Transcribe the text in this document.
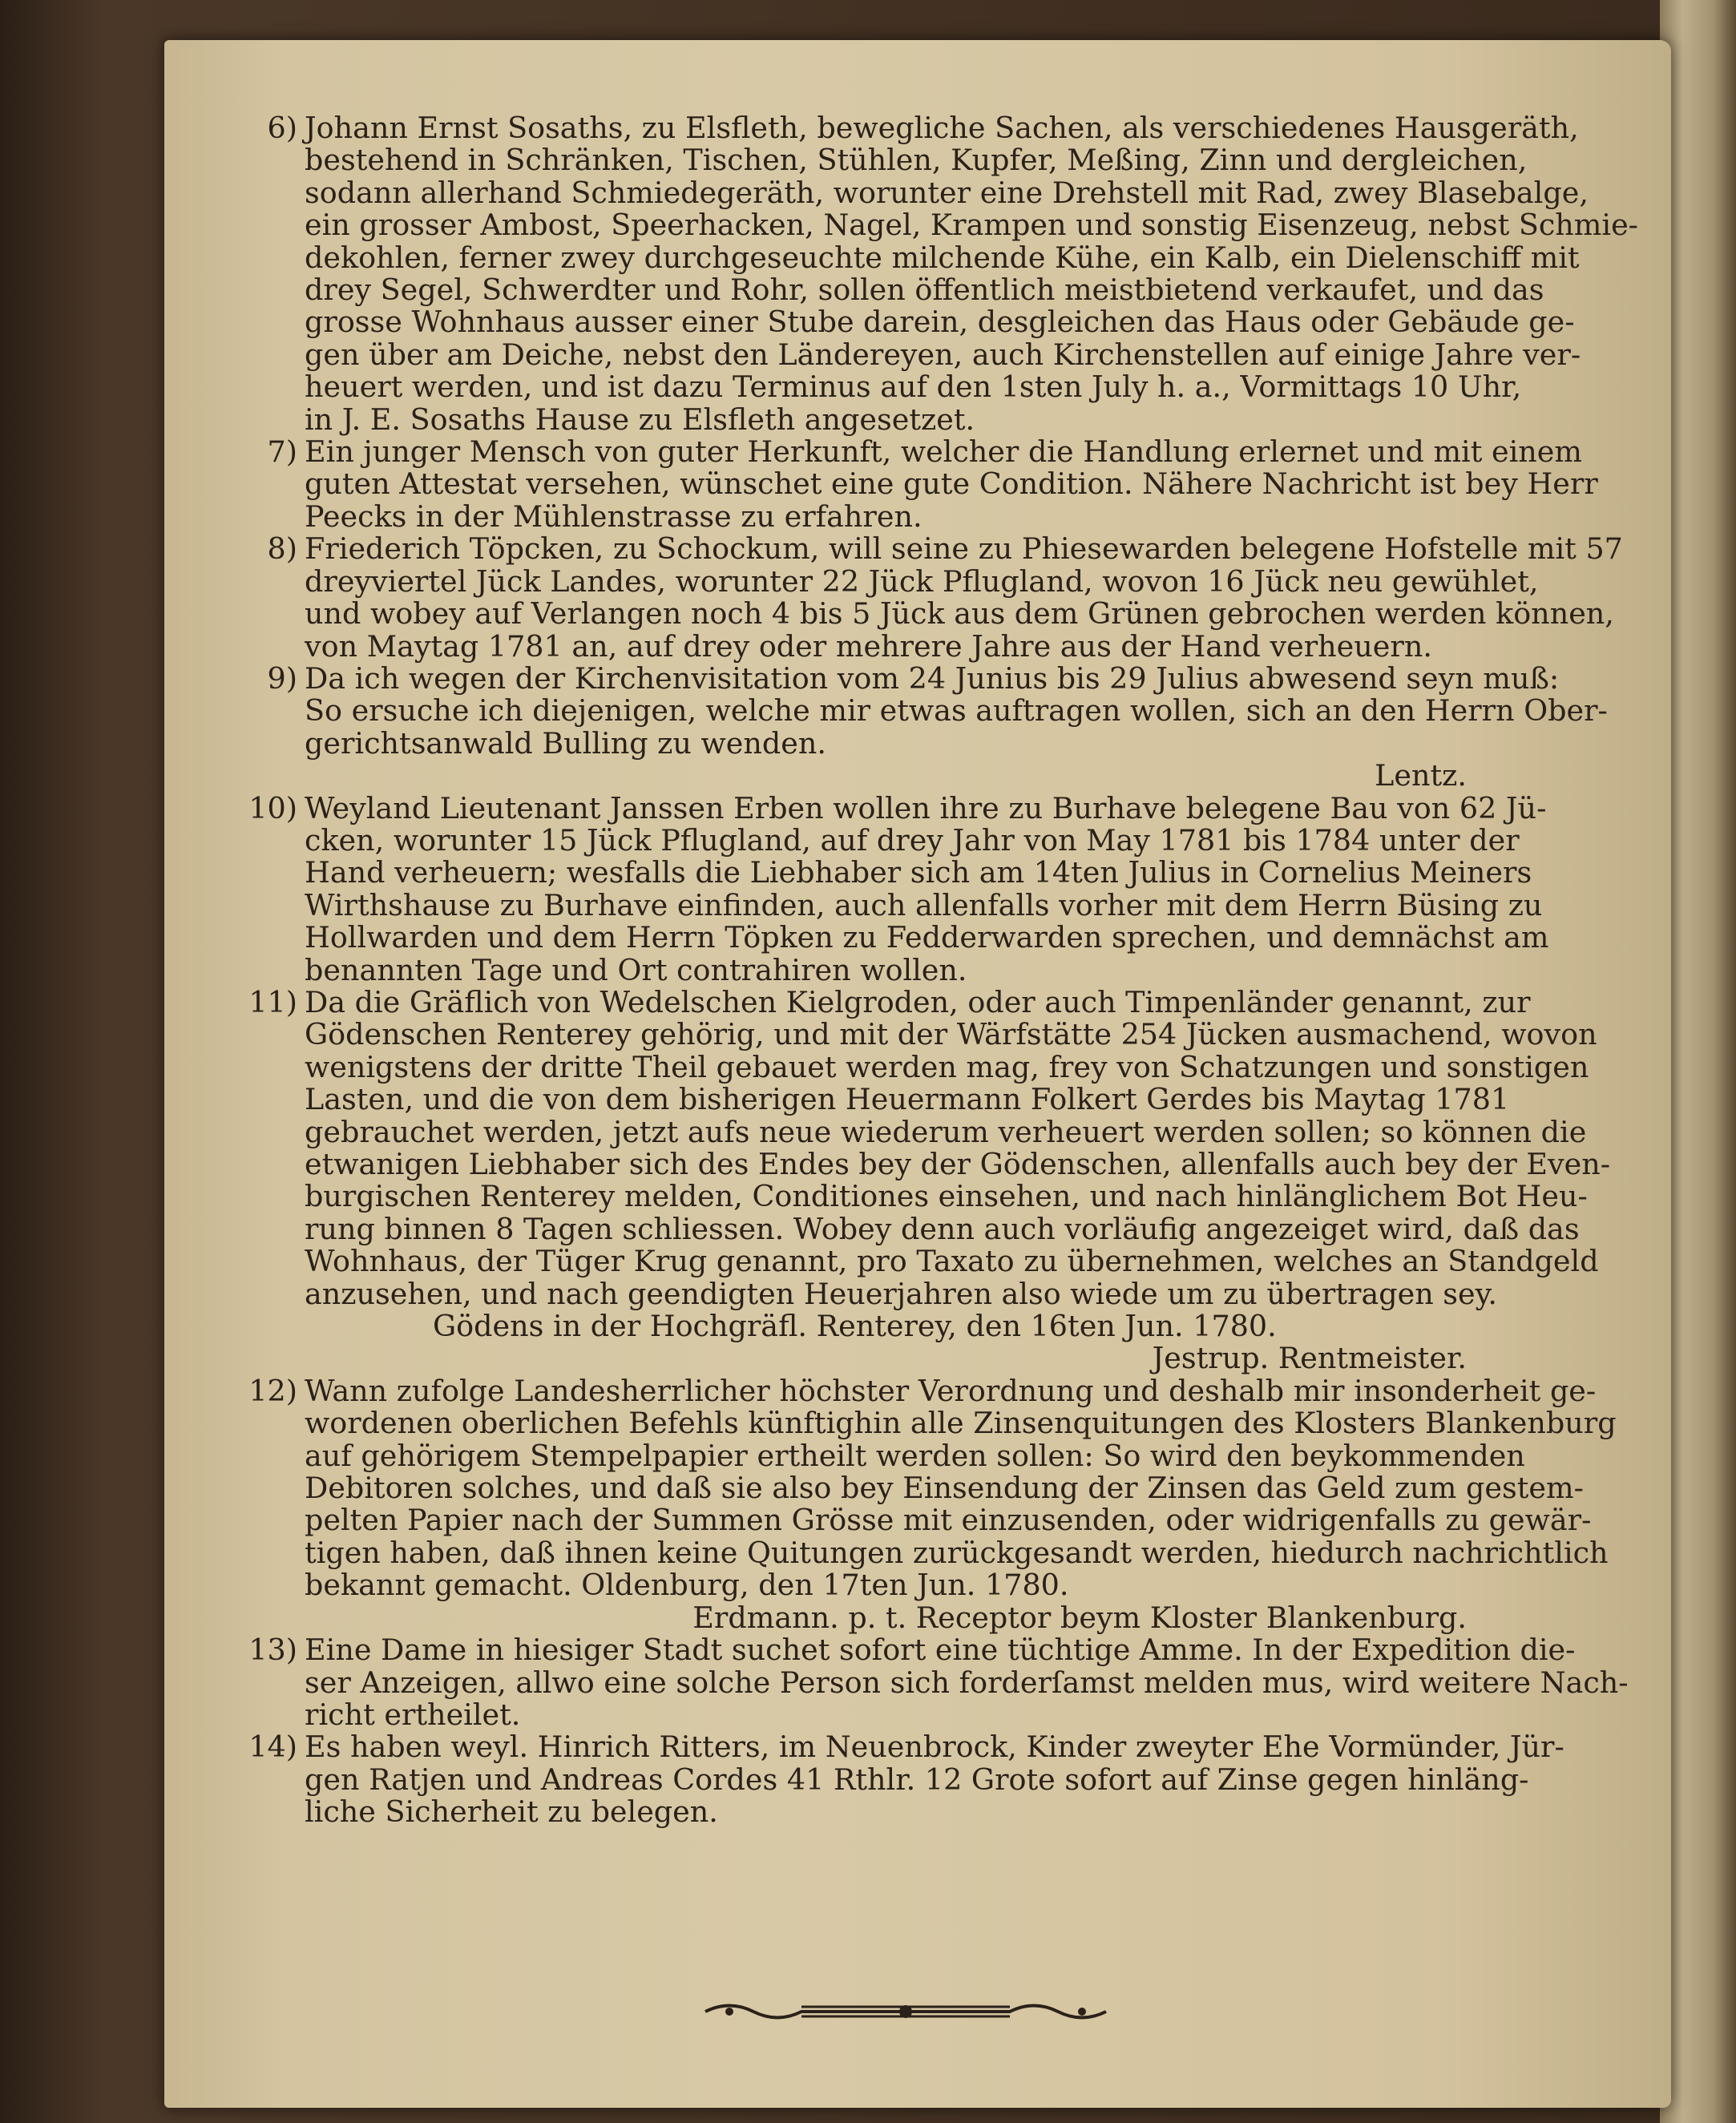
6) Johann Ernst Sosaths, zu Elsfleth, bewegliche Sachen, als verschiedenes Hausgeräth,
bestehend in Schränken, Tischen, Stühlen, Kupfer, Meßing, Zinn und dergleichen,
sodann allerhand Schmiedegeräth, worunter eine Drehstell mit Rad, zwey Blasebalge,
ein grosser Ambost, Speerhacken, Nagel, Krampen und sonstig Eisenzeug, nebst Schmie-
dekohlen, ferner zwey durchgeseuchte milchende Kühe, ein Kalb, ein Dielenschiff mit
drey Segel, Schwerdter und Rohr, sollen öffentlich meistbietend verkaufet, und das
grosse Wohnhaus ausser einer Stube darein, desgleichen das Haus oder Gebäude ge-
gen über am Deiche, nebst den Ländereyen, auch Kirchenstellen auf einige Jahre ver-
heuert werden, und ist dazu Terminus auf den 1sten July h. a., Vormittags 10 Uhr,
in J. E. Sosaths Hause zu Elsfleth angesetzet.
7) Ein junger Mensch von guter Herkunft, welcher die Handlung erlernet und mit einem
guten Attestat versehen, wünschet eine gute Condition. Nähere Nachricht ist bey Herr
Peecks in der Mühlenstrasse zu erfahren.
8) Friederich Töpcken, zu Schockum, will seine zu Phiesewarden belegene Hofstelle mit 57
dreyviertel Jück Landes, worunter 22 Jück Pflugland, wovon 16 Jück neu gewühlet,
und wobey auf Verlangen noch 4 bis 5 Jück aus dem Grünen gebrochen werden können,
von Maytag 1781 an, auf drey oder mehrere Jahre aus der Hand verheuern.
9) Da ich wegen der Kirchenvisitation vom 24 Junius bis 29 Julius abwesend seyn muß:
So ersuche ich diejenigen, welche mir etwas auftragen wollen, sich an den Herrn Ober-
gerichtsanwald Bulling zu wenden.
Lentz.
10) Weyland Lieutenant Janssen Erben wollen ihre zu Burhave belegene Bau von 62 Jü-
cken, worunter 15 Jück Pflugland, auf drey Jahr von May 1781 bis 1784 unter der
Hand verheuern; wesfalls die Liebhaber sich am 14ten Julius in Cornelius Meiners
Wirthshause zu Burhave einfinden, auch allenfalls vorher mit dem Herrn Büsing zu
Hollwarden und dem Herrn Töpken zu Fedderwarden sprechen, und demnächst am
benannten Tage und Ort contrahiren wollen.
11) Da die Gräflich von Wedelschen Kielgroden, oder auch Timpenländer genannt, zur
Gödenschen Renterey gehörig, und mit der Wärfstätte 254 Jücken ausmachend, wovon
wenigstens der dritte Theil gebauet werden mag, frey von Schatzungen und sonstigen
Lasten, und die von dem bisherigen Heuermann Folkert Gerdes bis Maytag 1781
gebrauchet werden, jetzt aufs neue wiederum verheuert werden sollen; so können die
etwanigen Liebhaber sich des Endes bey der Gödenschen, allenfalls auch bey der Even-
burgischen Renterey melden, Conditiones einsehen, und nach hinlänglichem Bot Heu-
rung binnen 8 Tagen schliessen. Wobey denn auch vorläufig angezeiget wird, daß das
Wohnhaus, der Tüger Krug genannt, pro Taxato zu übernehmen, welches an Standgeld
anzusehen, und nach geendigten Heuerjahren also wiede um zu übertragen sey.
Gödens in der Hochgräfl. Renterey, den 16ten Jun. 1780.
Jestrup. Rentmeister.
12) Wann zufolge Landesherrlicher höchster Verordnung und deshalb mir insonderheit ge-
wordenen oberlichen Befehls künftighin alle Zinsenquitungen des Klosters Blankenburg
auf gehörigem Stempelpapier ertheilt werden sollen: So wird den beykommenden
Debitoren solches, und daß sie also bey Einsendung der Zinsen das Geld zum gestem-
pelten Papier nach der Summen Grösse mit einzusenden, oder widrigenfalls zu gewär-
tigen haben, daß ihnen keine Quitungen zurückgesandt werden, hiedurch nachrichtlich
bekannt gemacht. Oldenburg, den 17ten Jun. 1780.
Erdmann. p. t. Receptor beym Kloster Blankenburg.
13) Eine Dame in hiesiger Stadt suchet sofort eine tüchtige Amme. In der Expedition die-
ser Anzeigen, allwo eine solche Person sich forderſamst melden mus, wird weitere Nach-
richt ertheilet.
14) Es haben weyl. Hinrich Ritters, im Neuenbrock, Kinder zweyter Ehe Vormünder, Jür-
gen Ratjen und Andreas Cordes 41 Rthlr. 12 Grote sofort auf Zinse gegen hinläng-
liche Sicherheit zu belegen.
